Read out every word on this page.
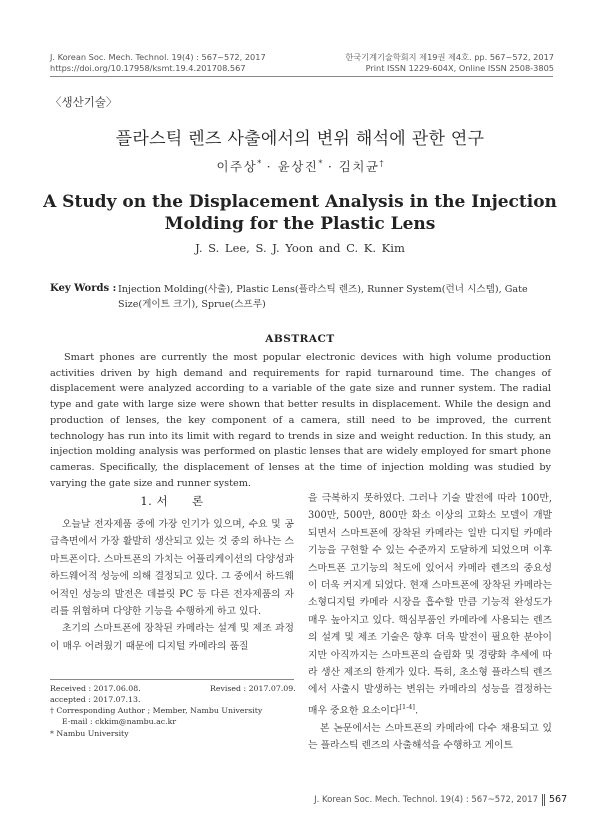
J. Korean Soc. Mech. Technol. 19(4) : 567~572, 2017
https://doi.org/10.17958/ksmt.19.4.201708.567
한국기계기술학회지 제19권 제4호. pp. 567~572, 2017
Print ISSN 1229-604X, Online ISSN 2508-3805
〈생산기술〉
플라스틱 렌즈 사출에서의 변위 해석에 관한 연구
이주상* · 윤상진* · 김치균†
A Study on the Displacement Analysis in the Injection
Molding for the Plastic Lens
J. S. Lee, S. J. Yoon and C. K. Kim
Key Words : Injection Molding(사출), Plastic Lens(플라스틱 렌즈), Runner System(런너 시스템), Gate Size(게이트 크기), Sprue(스프루)
ABSTRACT
Smart phones are currently the most popular electronic devices with high volume production activities driven by high demand and requirements for rapid turnaround time. The changes of displacement were analyzed according to a variable of the gate size and runner system. The radial type and gate with large size were shown that better results in displacement. While the design and production of lenses, the key component of a camera, still need to be improved, the current technology has run into its limit with regard to trends in size and weight reduction. In this study, an injection molding analysis was performed on plastic lenses that are widely employed for smart phone cameras. Specifically, the displacement of lenses at the time of injection molding was studied by varying the gate size and runner system.
1. 서　　론
오늘날 전자제품 중에 가장 인기가 있으며, 수요 및 공급측면에서 가장 활발히 생산되고 있는 것 중의 하나는 스마트폰이다. 스마트폰의 가치는 어플리케이션의 다양성과 하드웨어적 성능에 의해 결정되고 있다. 그 중에서 하드웨어적인 성능의 발전은 데블릿 PC 등 다른 전자제품의 자리를 위협하며 다양한 기능을 수행하게 하고 있다.
초기의 스마트폰에 장착된 카메라는 설계 및 제조 과정이 매우 어려웠기 때문에 디지털 카메라의 품질
을 극복하지 못하였다. 그러나 기술 발전에 따라 100만, 300만, 500만, 800만 화소 이상의 고화소 모델이 개발되면서 스마트폰에 장착된 카메라는 일반 디지털 카메라 기능을 구현할 수 있는 수준까지 도달하게 되었으며 이후 스마트폰 고기능의 척도에 있어서 카메라 렌즈의 중요성이 더욱 커지게 되었다. 현재 스마트폰에 장착된 카메라는 소형디지털 카메라 시장을 흡수할 만큼 기능적 완성도가 매우 높아지고 있다. 핵심부품인 카메라에 사용되는 렌즈의 설계 및 제조 기술은 향후 더욱 발전이 필요한 분야이지만 아직까지는 스마트폰의 슬림화 및 경량화 추세에 따라 생산 제조의 한계가 있다. 특히, 초소형 플라스틱 렌즈에서 사출시 발생하는 변위는 카메라의 성능을 결정하는 매우 중요한 요소이다[1-4].
본 논문에서는 스마트폰의 카메라에 다수 채용되고 있는 플라스틱 렌즈의 사출해석을 수행하고 게이트
Received : 2017.06.08.	Revised : 2017.07.09.
accepted : 2017.07.13.
† Corresponding Author ; Member, Nambu University
E-mail : ckkim@nambu.ac.kr
* Nambu University
J. Korean Soc. Mech. Technol. 19(4) : 567~572, 2017 567
